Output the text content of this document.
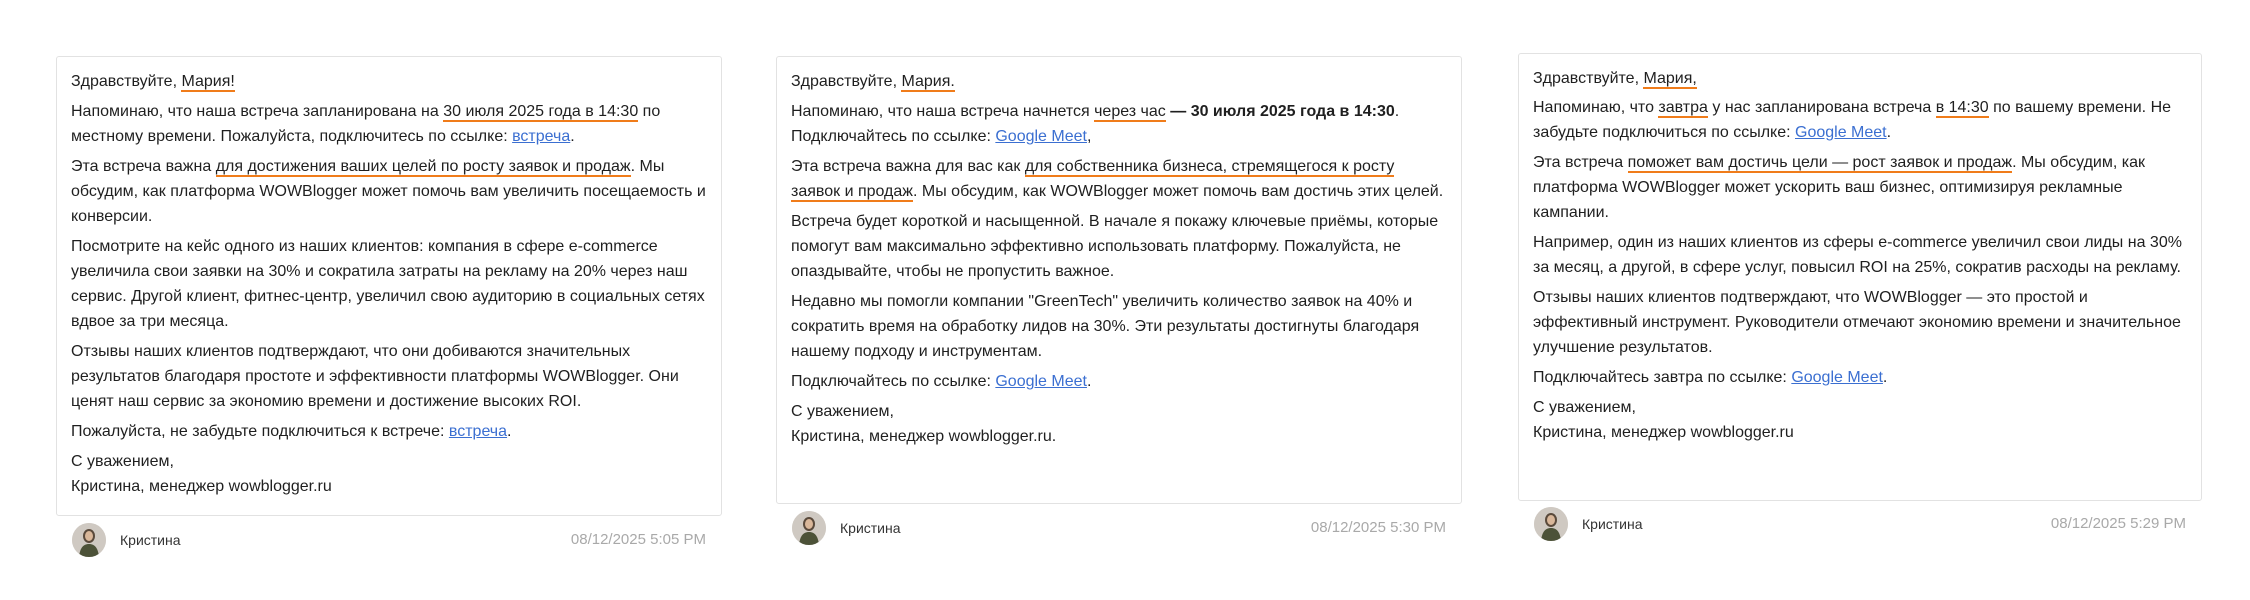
Здравствуйте, Мария!

Напоминаю, что наша встреча запланирована на 30 июля 2025 года в 14:30 по местному времени. Пожалуйста, подключитесь по ссылке: встреча.

Эта встреча важна для достижения ваших целей по росту заявок и продаж. Мы обсудим, как платформа WOWBlogger может помочь вам увеличить посещаемость и конверсии.

Посмотрите на кейс одного из наших клиентов: компания в сфере e-commerce увеличила свои заявки на 30% и сократила затраты на рекламу на 20% через наш сервис. Другой клиент, фитнес-центр, увеличил свою аудиторию в социальных сетях вдвое за три месяца.

Отзывы наших клиентов подтверждают, что они добиваются значительных результатов благодаря простоте и эффективности платформы WOWBlogger. Они ценят наш сервис за экономию времени и достижение высоких ROI.

Пожалуйста, не забудьте подключиться к встрече: встреча.

С уважением,

Кристина, менеджер wowblogger.ru

Кристина	08/12/2025 5:05 PM

Здравствуйте, Мария.

Напоминаю, что наша встреча начнется через час — 30 июля 2025 года в 14:30.

Подключайтесь по ссылке: Google Meet,

Эта встреча важна для вас как для собственника бизнеса, стремящегося к росту заявок и продаж. Мы обсудим, как WOWBlogger может помочь вам достичь этих целей.

Встреча будет короткой и насыщенной. В начале я покажу ключевые приёмы, которые помогут вам максимально эффективно использовать платформу. Пожалуйста, не опаздывайте, чтобы не пропустить важное.

Недавно мы помогли компании "GreenTech" увеличить количество заявок на 40% и сократить время на обработку лидов на 30%. Эти результаты достигнуты благодаря нашему подходу и инструментам.

Подключайтесь по ссылке: Google Meet.

С уважением,

Кристина, менеджер wowblogger.ru.

Кристина	08/12/2025 5:30 PM

Здравствуйте, Мария,

Напоминаю, что завтра у нас запланирована встреча в 14:30 по вашему времени. Не забудьте подключиться по ссылке: Google Meet.

Эта встреча поможет вам достичь цели — рост заявок и продаж. Мы обсудим, как платформа WOWBlogger может ускорить ваш бизнес, оптимизируя рекламные кампании.

Например, один из наших клиентов из сферы e-commerce увеличил свои лиды на 30% за месяц, а другой, в сфере услуг, повысил ROI на 25%, сократив расходы на рекламу.

Отзывы наших клиентов подтверждают, что WOWBlogger — это простой и эффективный инструмент. Руководители отмечают экономию времени и значительное улучшение результатов.

Подключайтесь завтра по ссылке: Google Meet.

С уважением,

Кристина, менеджер wowblogger.ru

Кристина	08/12/2025 5:29 PM
